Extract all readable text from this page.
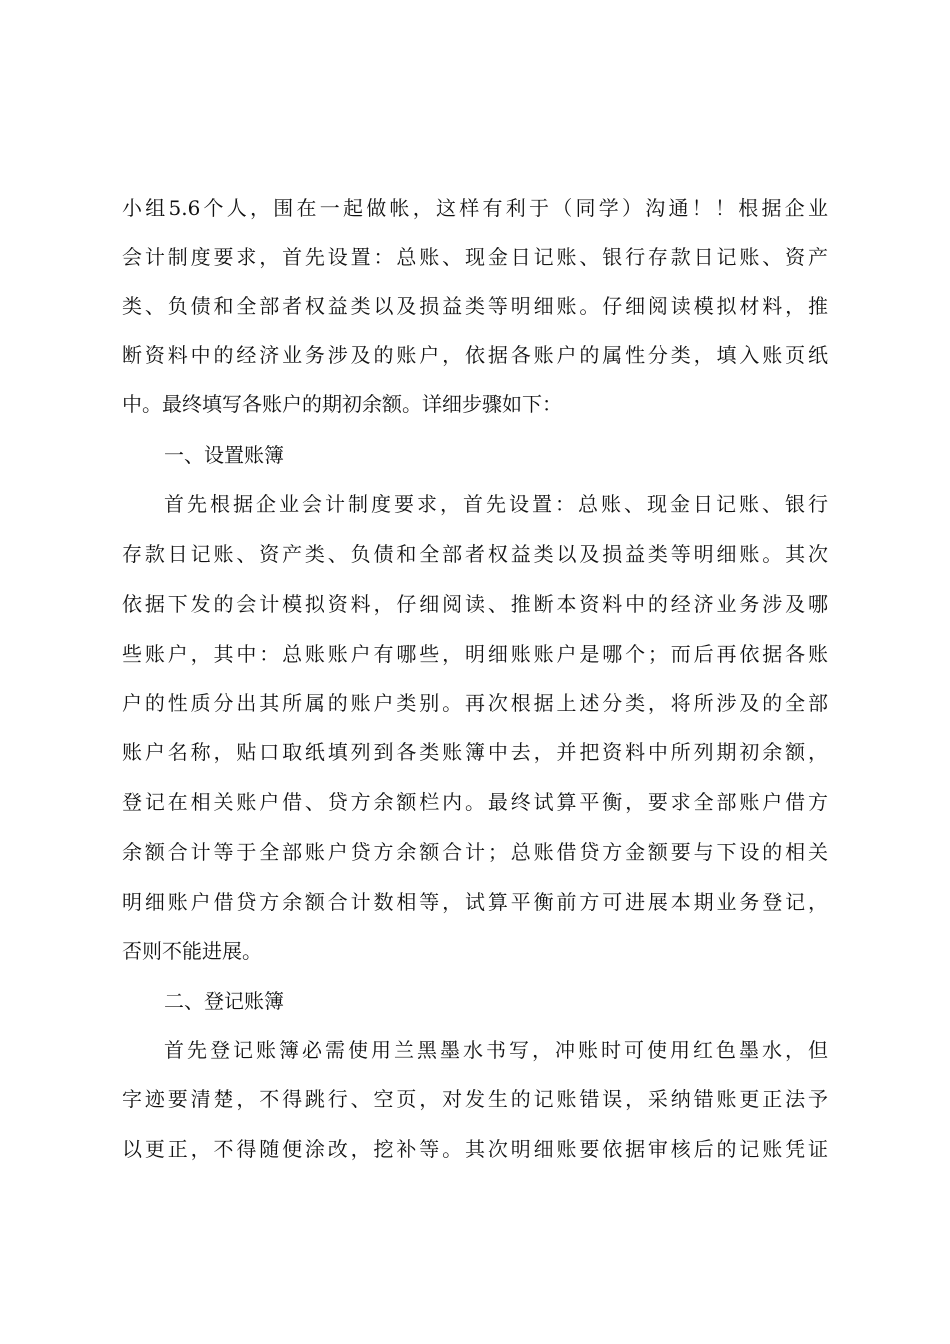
小组5.6个人，围在一起做帐，这样有利于（同学）沟通！！根据企业
会计制度要求，首先设置：总账、现金日记账、银行存款日记账、资产
类、负债和全部者权益类以及损益类等明细账。仔细阅读模拟材料，推
断资料中的经济业务涉及的账户，依据各账户的属性分类，填入账页纸
中。最终填写各账户的期初余额。详细步骤如下：
一、设置账簿
首先根据企业会计制度要求，首先设置：总账、现金日记账、银行
存款日记账、资产类、负债和全部者权益类以及损益类等明细账。其次
依据下发的会计模拟资料，仔细阅读、推断本资料中的经济业务涉及哪
些账户，其中：总账账户有哪些，明细账账户是哪个；而后再依据各账
户的性质分出其所属的账户类别。再次根据上述分类，将所涉及的全部
账户名称，贴口取纸填列到各类账簿中去，并把资料中所列期初余额，
登记在相关账户借、贷方余额栏内。最终试算平衡，要求全部账户借方
余额合计等于全部账户贷方余额合计；总账借贷方金额要与下设的相关
明细账户借贷方余额合计数相等，试算平衡前方可进展本期业务登记，
否则不能进展。
二、登记账簿
首先登记账簿必需使用兰黑墨水书写，冲账时可使用红色墨水，但
字迹要清楚，不得跳行、空页，对发生的记账错误，采纳错账更正法予
以更正，不得随便涂改，挖补等。其次明细账要依据审核后的记账凭证
